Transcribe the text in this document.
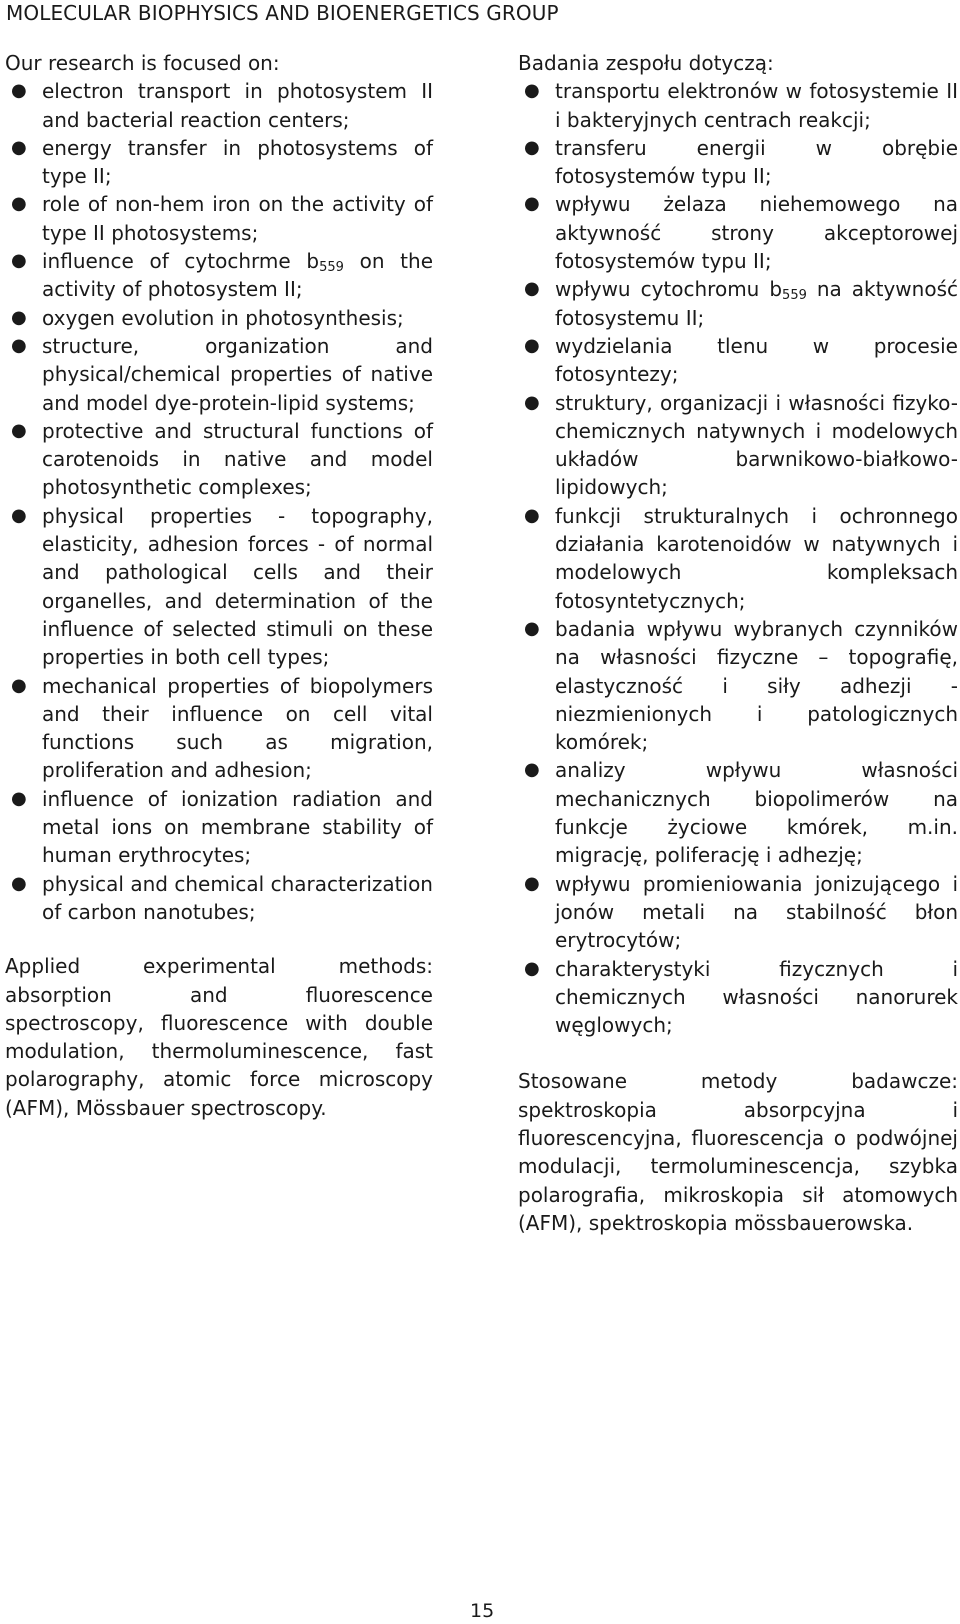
MOLECULAR BIOPHYSICS AND BIOENERGETICS GROUP

Our research is focused on:

● electron transport in photosystem II and bacterial reaction centers;
● energy transfer in photosystems of type II;
● role of non-hem iron on the activity of type II photosystems;
● influence of cytochrme $b_{559}$ on the activity of photosystem II;
● oxygen evolution in photosynthesis;
● structure, organization and physical/chemical properties of native and model dye-protein-lipid systems;
● protective and structural functions of carotenoids in native and model photosynthetic complexes;
● physical properties - topography, elasticity, adhesion forces - of normal and pathological cells and their organelles, and determination of the influence of selected stimuli on these properties in both cell types;
● mechanical properties of biopolymers and their influence on cell vital functions such as migration, proliferation and adhesion;
● influence of ionization radiation and metal ions on membrane stability of human erythrocytes;
● physical and chemical characterization of carbon nanotubes;

Applied experimental methods: absorption and fluorescence spectroscopy, fluorescence with double modulation, thermoluminescence, fast polarography, atomic force microscopy (AFM), Mössbauer spectroscopy.

Badania zespołu dotyczą:

● transportu elektronów w fotosystemie II i bakteryjnych centrach reakcji;
● transferu energii w obrębie fotosystemów typu II;
● wpływu żelaza niehemowego na aktywność strony akceptorowej fotosystemów typu II;
● wpływu cytochromu $b_{559}$ na aktywność fotosystemu II;
● wydzielania tlenu w procesie fotosyntezy;
● struktury, organizacji i własności fizyko-chemicznych natywnych i modelowych układów barwnikowo-białkowo-lipidowych;
● funkcji strukturalnych i ochronnego działania karotenoidów w natywnych i modelowych kompleksach fotosyntetycznych;
● badania wpływu wybranych czynników na własności fizyczne – topografię, elastyczność i siły adhezji - niezmienionych i patologicznych komórek;
● analizy wpływu własności mechanicznych biopolimerów na funkcje życiowe kmórek, m.in. migrację, poliferację i adhezję;
● wpływu promieniowania jonizującego i jonów metali na stabilność błon erytrocytów;
● charakterystyki fizycznych i chemicznych własności nanorurek węglowych;

Stosowane metody badawcze: spektroskopia absorpcyjna i fluorescencyjna, fluorescencja o podwójnej modulacji, termoluminescencja, szybka polarografia, mikroskopia sił atomowych (AFM), spektroskopia mössbauerowska.

15
